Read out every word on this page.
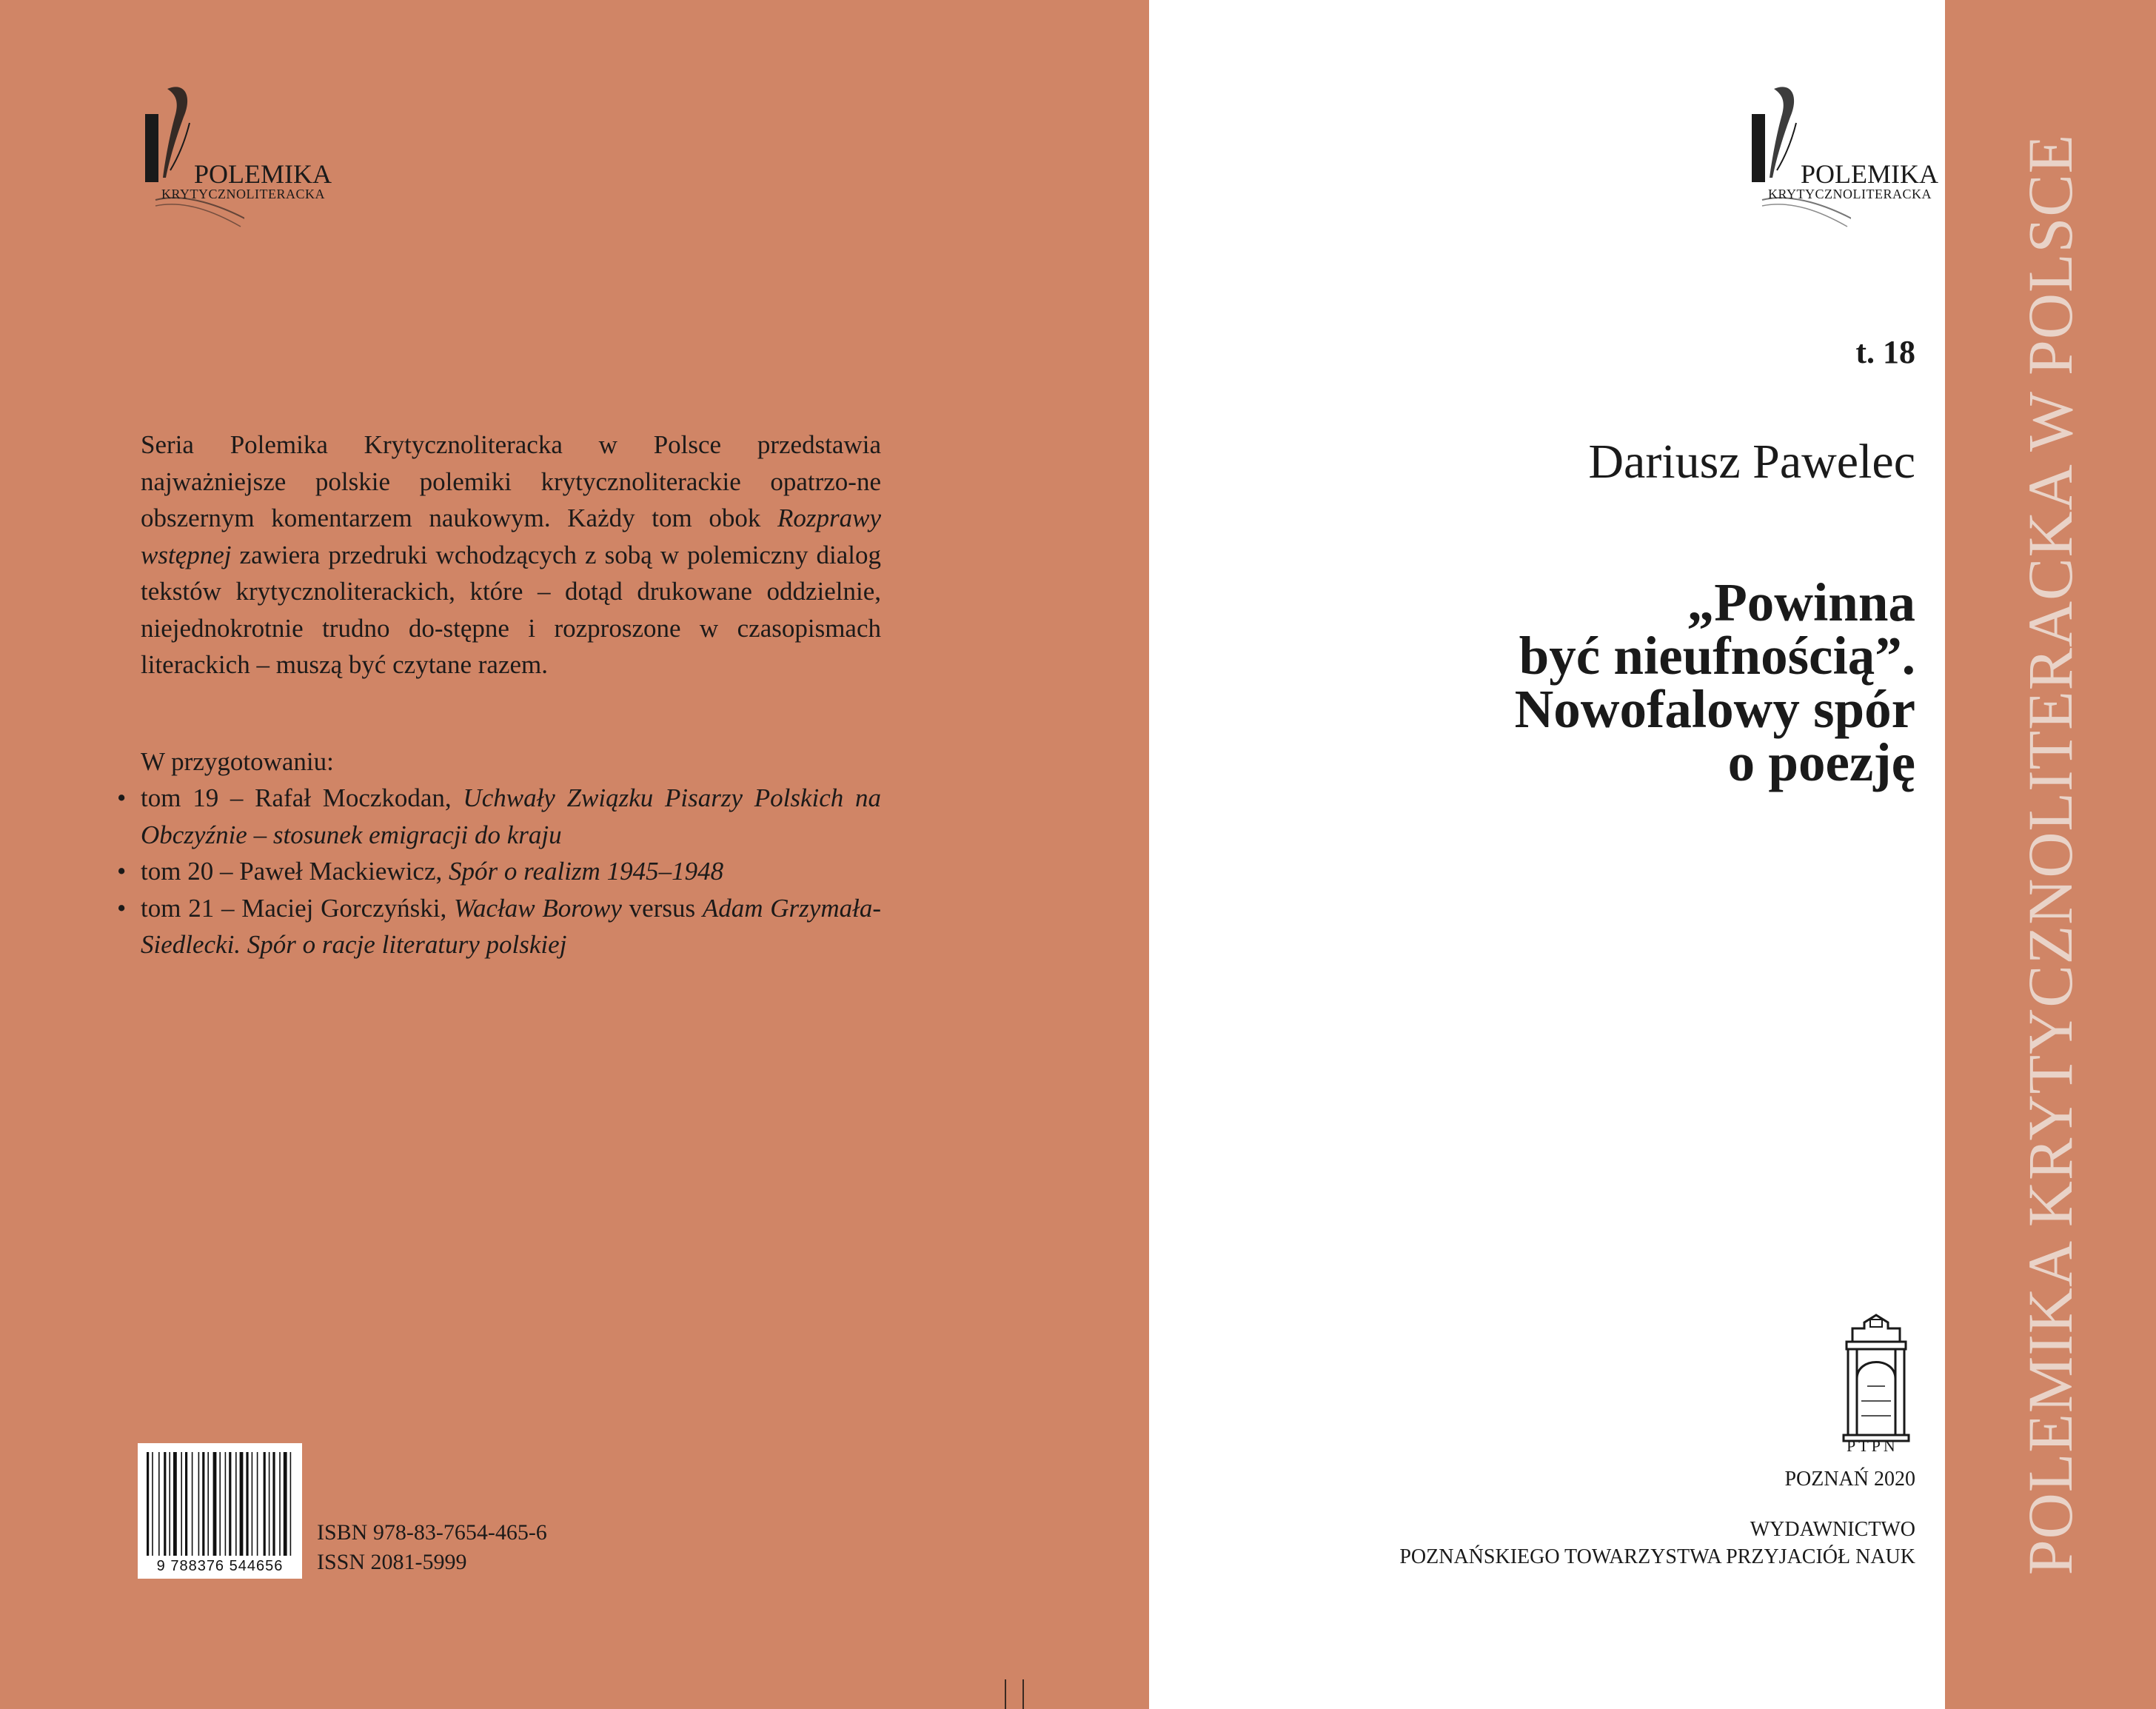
POLEMIKA
KRYTYCZNOLITERACKA
Seria Polemika Krytycznoliteracka w Polsce przedstawia najważniejsze polskie polemiki krytycznoliterackie opatrzo-ne obszernym komentarzem naukowym. Każdy tom obok Rozprawy wstępnej zawiera przedruki wchodzących z sobą w polemiczny dialog tekstów krytycznoliterackich, które – dotąd drukowane oddzielnie, niejednokrotnie trudno do-stępne i rozproszone w czasopismach literackich – muszą być czytane razem.
W przygotowaniu:
• tom 19 – Rafał Moczkodan, Uchwały Związku Pisarzy Polskich na Obczyźnie – stosunek emigracji do kraju
• tom 20 – Paweł Mackiewicz, Spór o realizm 1945–1948
• tom 21 – Maciej Gorczyński, Wacław Borowy versus Adam Grzymała-Siedlecki. Spór o racje literatury polskiej
9 788376 544656
ISBN 978-83-7654-465-6
ISSN 2081-5999
POLEMIKA
KRYTYCZNOLITERACKA
t. 18
Dariusz Pawelec
„Powinna
być nieufnością”.
Nowofalowy spór
o poezję
PTPN
POZNAŃ 2020
WYDAWNICTWO
POZNAŃSKIEGO TOWARZYSTWA PRZYJACIÓŁ NAUK POLEMIKA KRYTYCZNOLITERACKA W POLSCE
